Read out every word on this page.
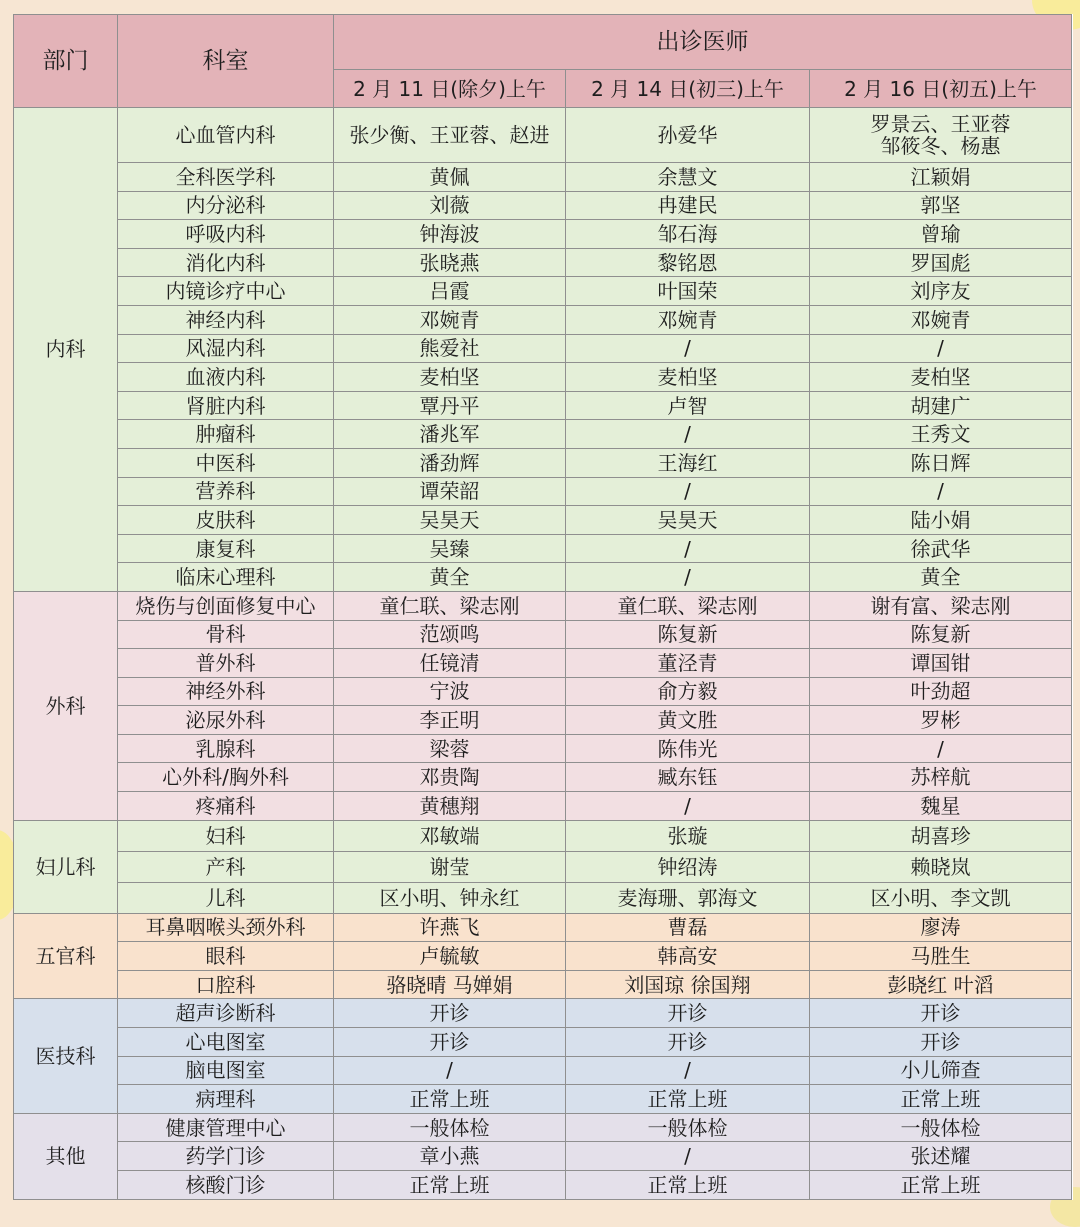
部门	科室	出诊医师		
		2 月 11 日(除夕)上午	2 月 14 日(初三)上午	2 月 16 日(初五)上午
内科	心血管内科	张少衡、王亚蓉、赵进	孙爱华	罗景云、王亚蓉
邹筱冬、杨惠
	全科医学科	黄佩	余慧文	江颖娟
	内分泌科	刘薇	冉建民	郭坚
	呼吸内科	钟海波	邹石海	曾瑜
	消化内科	张晓燕	黎铭恩	罗国彪
	内镜诊疗中心	吕霞	叶国荣	刘序友
	神经内科	邓婉青	邓婉青	邓婉青
	风湿内科	熊爱社	/	/
	血液内科	麦柏坚	麦柏坚	麦柏坚
	肾脏内科	覃丹平	卢智	胡建广
	肿瘤科	潘兆军	/	王秀文
	中医科	潘劲辉	王海红	陈日辉
	营养科	谭荣韶	/	/
	皮肤科	吴昊天	吴昊天	陆小娟
	康复科	吴臻	/	徐武华
	临床心理科	黄全	/	黄全
外科	烧伤与创面修复中心	童仁联、梁志刚	童仁联、梁志刚	谢有富、梁志刚
	骨科	范颂鸣	陈复新	陈复新
	普外科	任镜清	董泾青	谭国钳
	神经外科	宁波	俞方毅	叶劲超
	泌尿外科	李正明	黄文胜	罗彬
	乳腺科	梁蓉	陈伟光	/
	心外科/胸外科	邓贵陶	臧东钰	苏梓航
	疼痛科	黄穗翔	/	魏星
妇儿科	妇科	邓敏端	张璇	胡喜珍
	产科	谢莹	钟绍涛	赖晓岚
	儿科	区小明、钟永红	麦海珊、郭海文	区小明、李文凯
五官科	耳鼻咽喉头颈外科	许燕飞	曹磊	廖涛
	眼科	卢毓敏	韩高安	马胜生
	口腔科	骆晓晴 马婵娟	刘国琼 徐国翔	彭晓红 叶滔
医技科	超声诊断科	开诊	开诊	开诊
	心电图室	开诊	开诊	开诊
	脑电图室	/	/	小儿筛查
	病理科	正常上班	正常上班	正常上班
其他	健康管理中心	一般体检	一般体检	一般体检
	药学门诊	章小燕	/	张述耀
	核酸门诊	正常上班	正常上班	正常上班
